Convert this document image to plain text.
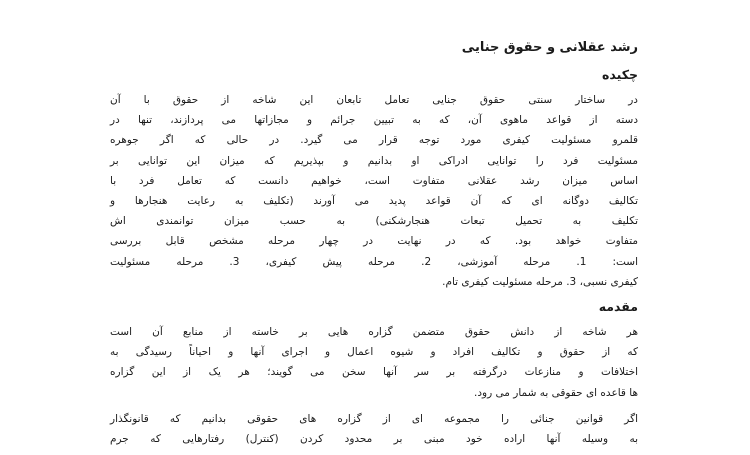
رشد عقلانی و حقوق جنایی
چکیده
در ساختار سنتی حقوق جنایی تعامل تابعان این شاخه از حقوق با آن
دسته از قواعد ماهوی آن، که به تبیین جرائم و مجازاتها می پردازند، تنها در
قلمرو مسئولیت کیفری مورد توجه قرار می گیرد. در حالی که اگر جوهره
مسئولیت فرد را توانایی ادراکی او بدانیم و بپذیریم که میزان این توانایی بر
اساس میزان رشد عقلانی متفاوت است، خواهیم دانست که تعامل فرد با
تکالیف دوگانه ای که آن قواعد پدید می آورند (تکلیف به رعایت هنجارها و
تکلیف به تحمیل تبعات هنجارشکنی) به حسب میزان توانمندی اش
متفاوت خواهد بود. که در نهایت در چهار مرحله مشخص قابل بررسی
است: 1. مرحله آموزشی، 2. مرحله پیش کیفری، 3. مرحله مسئولیت
کیفری نسبی، 3. مرحله مسئولیت کیفری تام.
مقدمه
هر شاخه از دانش حقوق متضمن گزاره هایی بر خاسته از منابع آن است
که از حقوق و تکالیف افراد و شیوه اعمال و اجرای آنها و احیاناً رسیدگی به
اختلافات و منازعات درگرفته بر سر آنها سخن می گویند؛ هر یک از این گزاره
ها قاعده ای حقوقی به شمار می رود.
اگر قوانین جنائی را مجموعه ای از گزاره های حقوقی بدانیم که قانونگذار
به وسیله آنها اراده خود مبنی بر محدود کردن (کنترل) رفتارهایی که جرم
